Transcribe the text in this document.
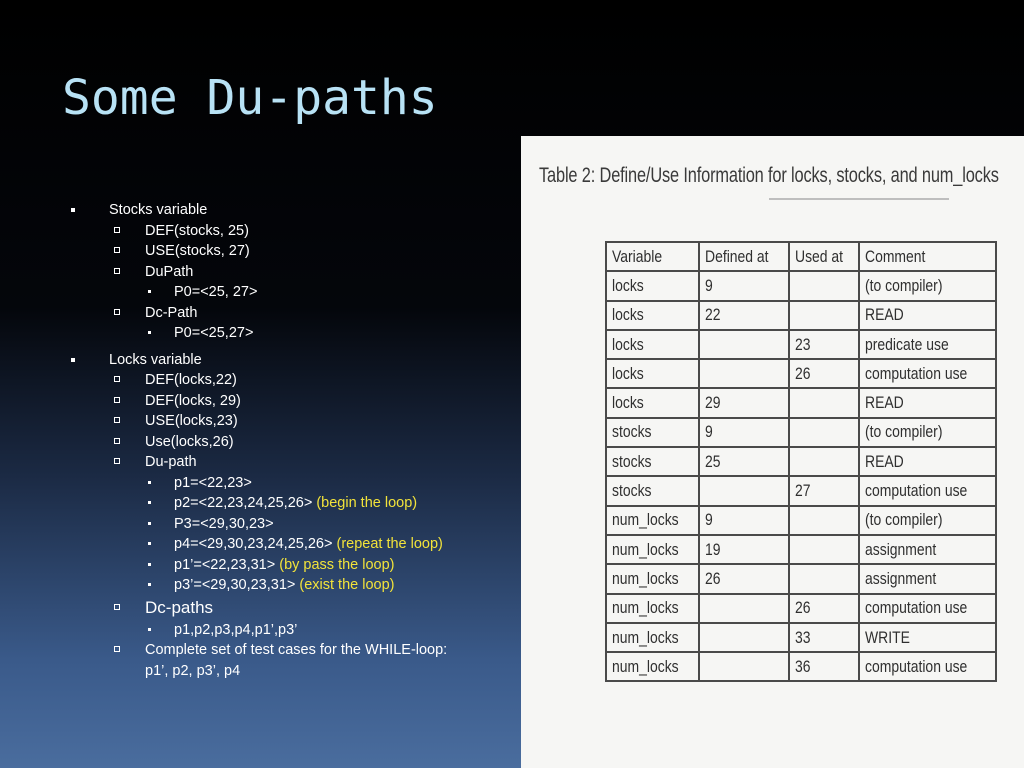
Some Du-paths
Stocks variable
DEF(stocks, 25)
USE(stocks, 27)
DuPath
P0=<25, 27>
Dc-Path
P0=<25,27>
Locks variable
DEF(locks,22)
DEF(locks, 29)
USE(locks,23)
Use(locks,26)
Du-path
p1=<22,23>
p2=<22,23,24,25,26> (begin the loop)
P3=<29,30,23>
p4=<29,30,23,24,25,26> (repeat the loop)
p1’=<22,23,31> (by pass the loop)
p3’=<29,30,23,31> (exist the loop)
Dc-paths
p1,p2,p3,p4,p1’,p3’
Complete set of test cases for the WHILE-loop:
p1’, p2, p3’, p4
Table 2: Define/Use Information for locks, stocks, and num_locks
Variable	Defined at	Used at	Comment
locks	9		(to compiler)
locks	22		READ
locks		23	predicate use
locks		26	computation use
locks	29		READ
stocks	9		(to compiler)
stocks	25		READ
stocks		27	computation use
num_locks	9		(to compiler)
num_locks	19		assignment
num_locks	26		assignment
num_locks		26	computation use
num_locks		33	WRITE
num_locks		36	computation use
